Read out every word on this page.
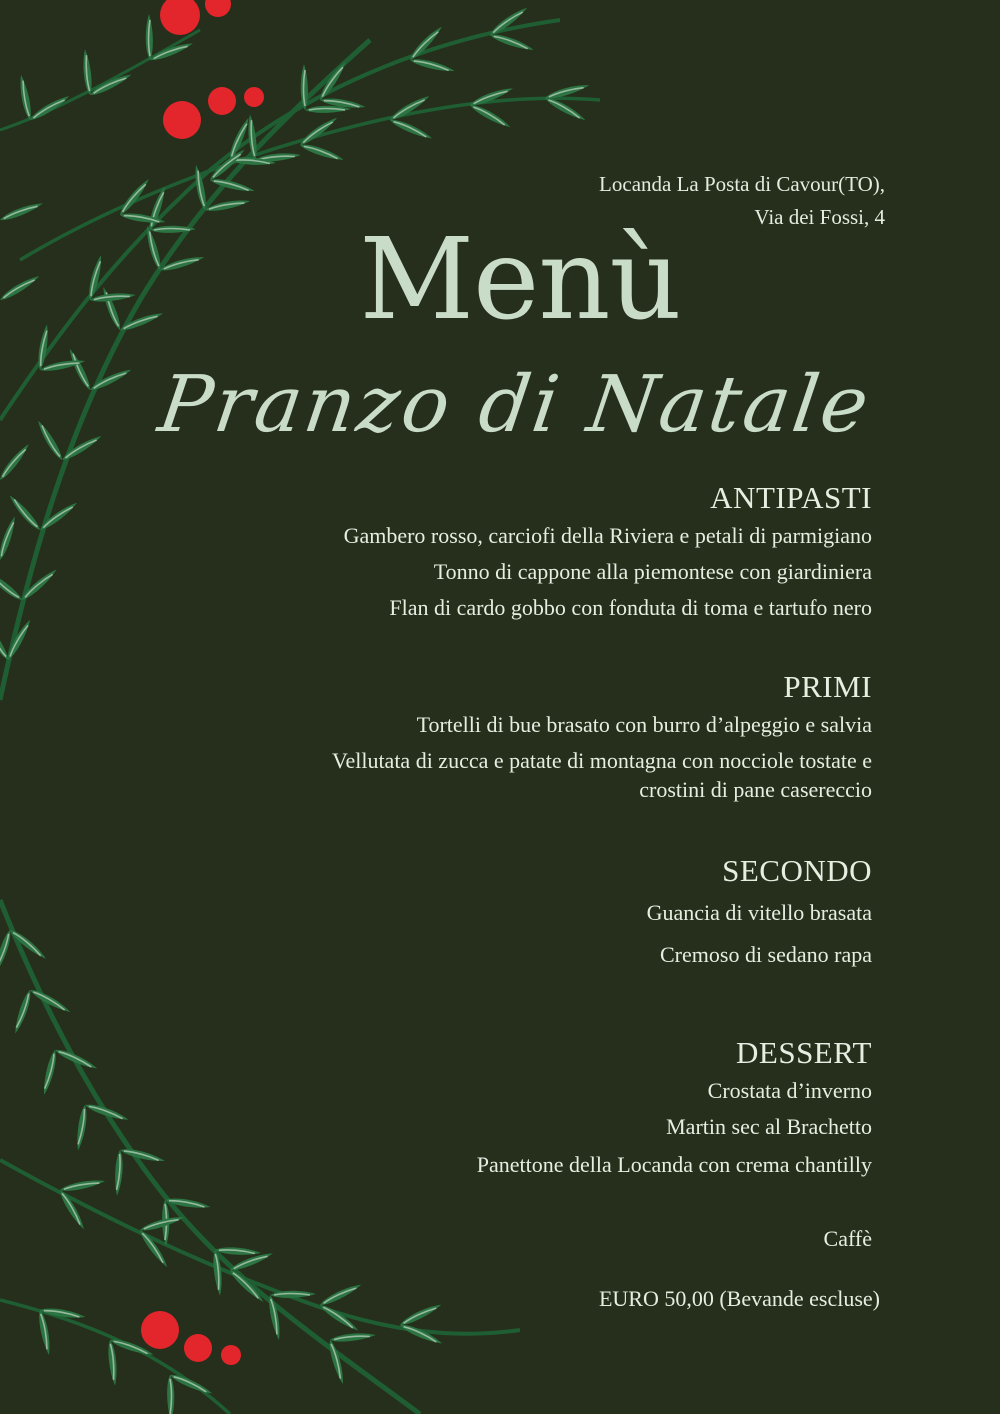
Locanda La Posta di Cavour(TO),
Via dei Fossi, 4
Menù
Pranzo di Natale
ANTIPASTI
Gambero rosso, carciofi della Riviera e petali di parmigiano
Tonno di cappone alla piemontese con giardiniera
Flan di cardo gobbo con fonduta di toma e tartufo nero
PRIMI
Tortelli di bue brasato con burro d’alpeggio e salvia
Vellutata di zucca e patate di montagna con nocciole tostate e
crostini di pane casereccio
SECONDO
Guancia di vitello brasata
Cremoso di sedano rapa
DESSERT
Crostata d’inverno
Martin sec al Brachetto
Panettone della Locanda con crema chantilly
Caffè
EURO 50,00 (Bevande escluse)
